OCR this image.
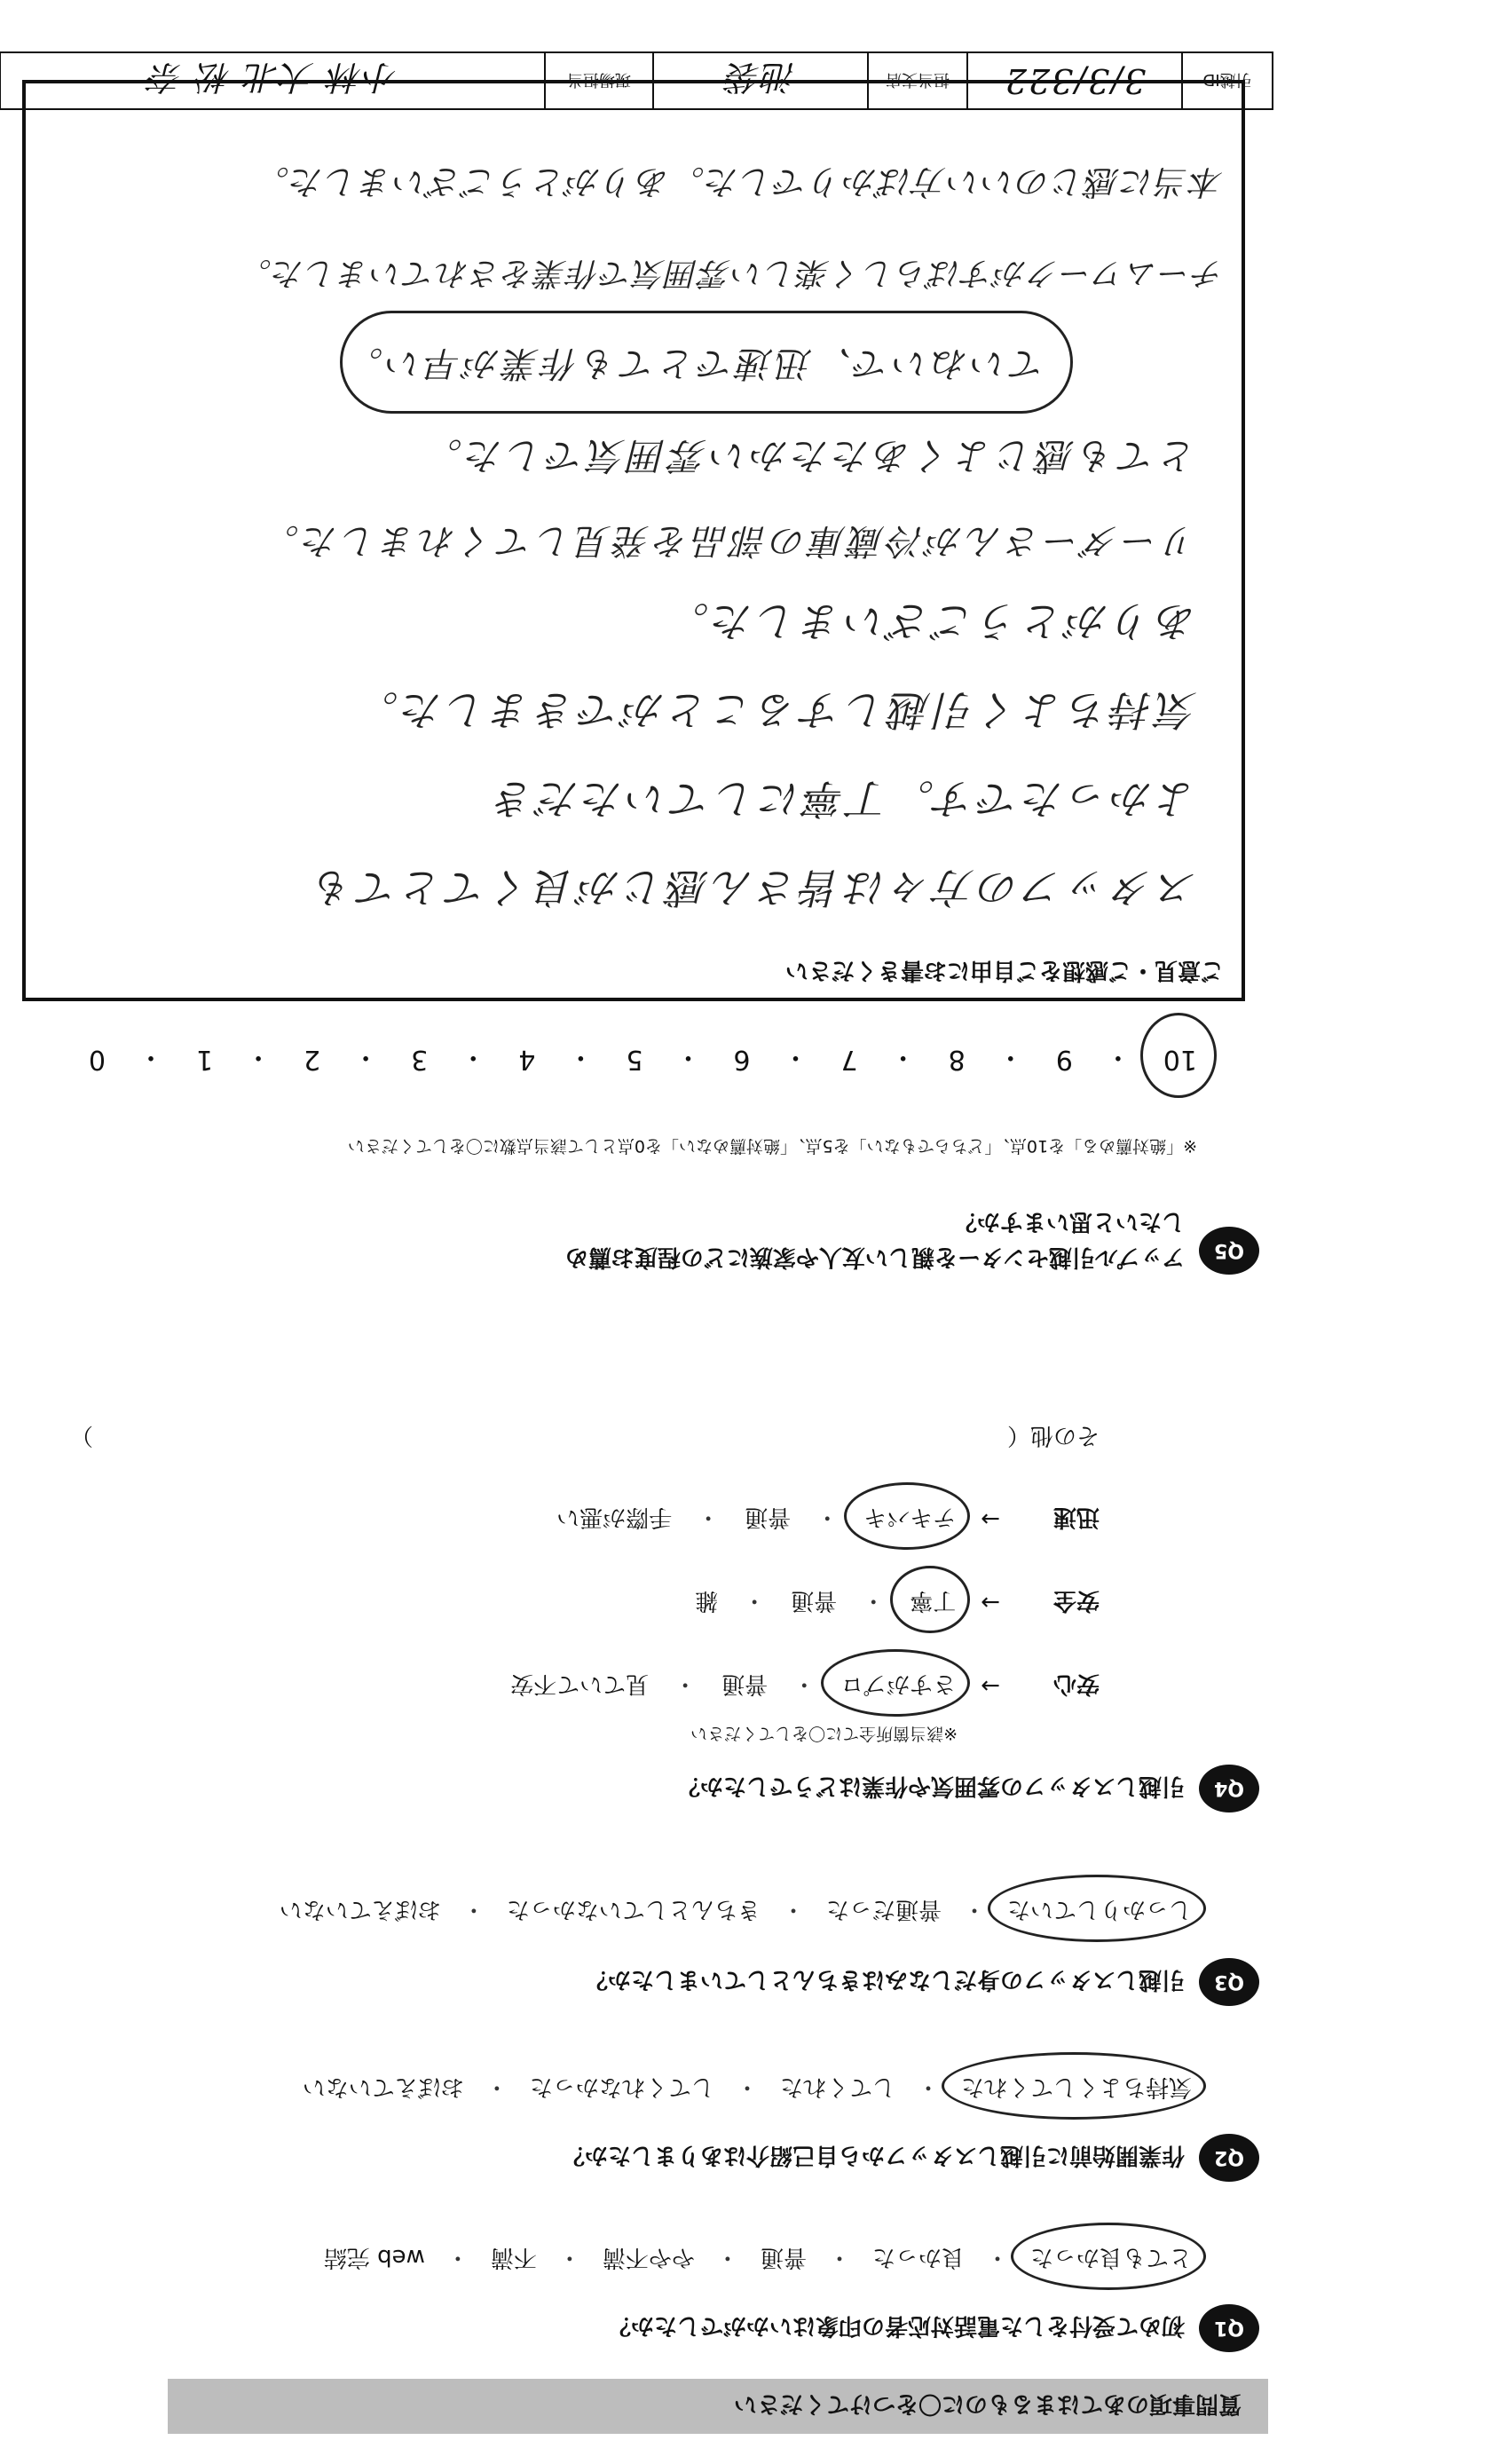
引越ID
3/3/322
担当支店
池袋
現場担当
小林 大北 松 奈
質問事項のあてはまるものに〇をつけてください
Q1
初めて受付をした電話対応者の印象はいかがでしたか？
とても良かった
・
良かった
・
普通
・
やや不満
・
不満
・
web 完結
Q2
作業開始前に引越しスタッフから自己紹介はありましたか？
気持ちよくしてくれた
・
してくれた
・
してくれなかった
・
おぼえていない
Q3
引越しスタッフの身だしなみはきちんとしていましたか？
しっかりしていた
・
普通だった
・
きちんとしていなかった
・
おぼえていない
Q4
引越しスタッフの雰囲気や作業はどうでしたか？
※該当箇所全てに〇をしてください
安心
→
さすがプロ
・
普通
・
見ていて不安
安全
→
丁寧
・
普通
・
雑
迅速
→
テキパキ
・
普通
・
手際が悪い
その他（
）
Q5
アップル引越センターを親しい友人や家族にどの程度お薦めしたいと思いますか？
※「絶対薦める」を10点、「どちらでもない」を5点、「絶対薦めない」を0点として該当点数に〇をしてください
10
・
9
・
8
・
7
・
6
・
5
・
4
・
3
・
2
・
1
・
0
ご意見・ご感想をご自由にお書きください
スタッフの方々は皆さん感じが良くてとても
よかったです。丁寧にしていただき
気持ちよく引越しすることができました。
ありがとうございました。
リーダーさんが冷蔵庫の部品を発見してくれました。
とても感じよくあたたかい雰囲気でした。
ていねいで、迅速でとても作業が早い。
チームワークがすばらしく楽しい雰囲気で作業をされていました。
本当に感じのいい方ばかりでした。ありがとうございました。
